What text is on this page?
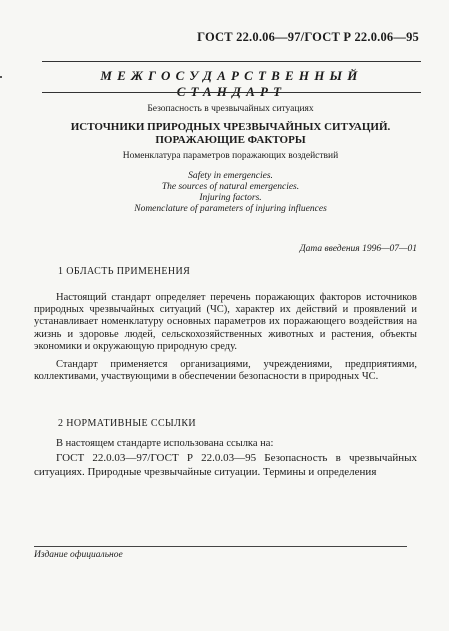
ГОСТ 22.0.06—97/ГОСТ Р 22.0.06—95
МЕЖГОСУДАРСТВЕННЫЙ СТАНДАРТ
Безопасность в чрезвычайных ситуациях
ИСТОЧНИКИ ПРИРОДНЫХ ЧРЕЗВЫЧАЙНЫХ СИТУАЦИЙ.
ПОРАЖАЮЩИЕ ФАКТОРЫ
Номенклатура параметров поражающих воздействий
Safety in emergencies.
The sources of natural emergencies.
Injuring factors.
Nomenclature of parameters of injuring influences
Дата введения 1996—07—01
1 ОБЛАСТЬ ПРИМЕНЕНИЯ
Настоящий стандарт определяет перечень поражающих факторов источников природных чрезвычайных ситуаций (ЧС), характер их действий и проявлений и устанавливает номенклатуру основных параметров их поражающего воздействия на жизнь и здоровье людей, сельскохозяйственных животных и растения, объекты экономики и окружающую природную среду.
Стандарт применяется организациями, учреждениями, предприятиями, коллективами, участвующими в обеспечении безопасности в природных ЧС.
2 НОРМАТИВНЫЕ ССЫЛКИ
В настоящем стандарте использована ссылка на:
ГОСТ 22.0.03—97/ГОСТ Р 22.0.03—95 Безопасность в чрезвычайных ситуациях. Природные чрезвычайные ситуации. Термины и определения
Издание официальное
